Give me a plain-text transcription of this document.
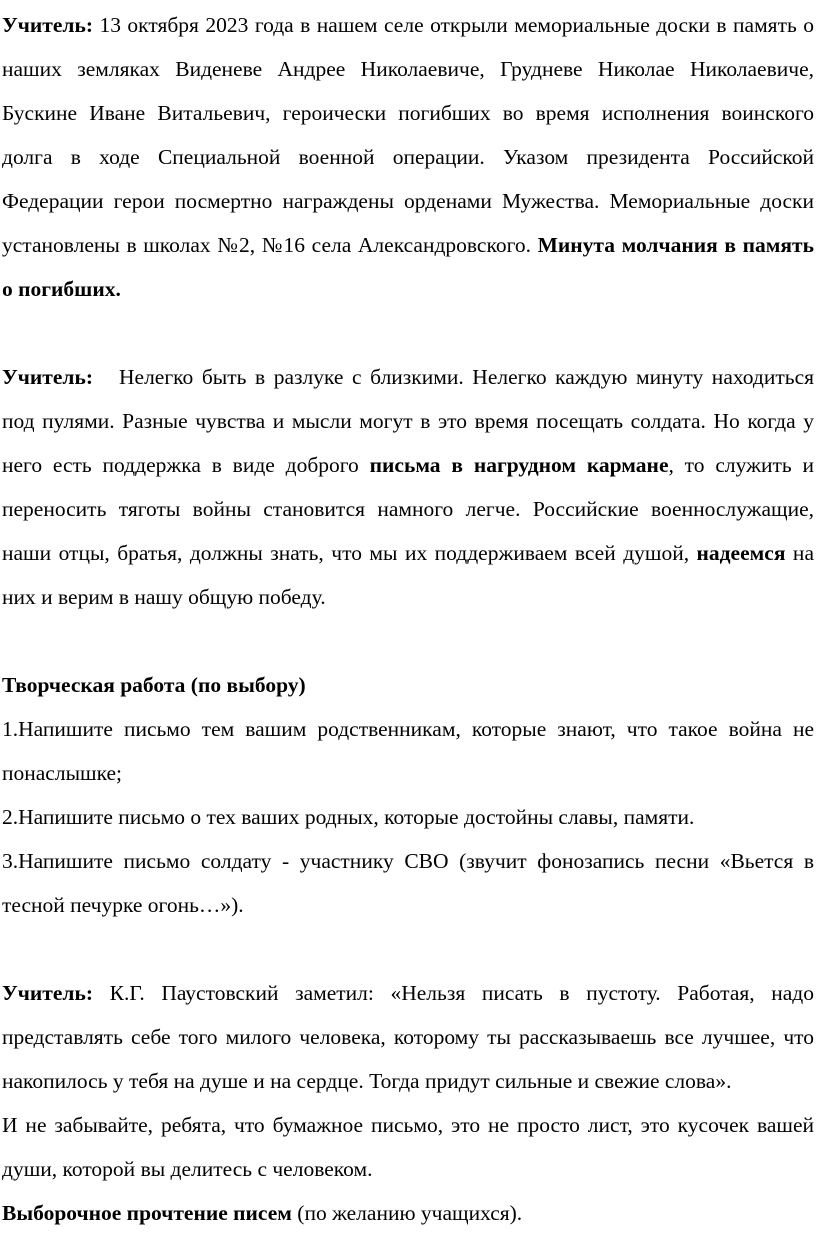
Учитель: 13 октября 2023 года в нашем селе открыли мемориальные доски в память о наших земляках Виденеве Андрее Николаевиче, Грудневе Николае Николаевиче, Бускине Иване Витальевич, героически погибших во время исполнения воинского долга в ходе Специальной военной операции. Указом президента Российской Федерации герои посмертно награждены орденами Мужества. Мемориальные доски установлены в школах №2, №16 села Александровского. Минута молчания в память о погибших.

Учитель: Нелегко быть в разлуке с близкими. Нелегко каждую минуту находиться под пулями. Разные чувства и мысли могут в это время посещать солдата. Но когда у него есть поддержка в виде доброго письма в нагрудном кармане, то служить и переносить тяготы войны становится намного легче. Российские военнослужащие, наши отцы, братья, должны знать, что мы их поддерживаем всей душой, надеемся на них и верим в нашу общую победу.

Творческая работа (по выбору)

1.Напишите письмо тем вашим родственникам, которые знают, что такое война не понаслышке;

2.Напишите письмо о тех ваших родных, которые достойны славы, памяти.

3.Напишите письмо солдату - участнику СВО (звучит фонозапись песни «Вьется в тесной печурке огонь…»).

Учитель: К.Г. Паустовский заметил: «Нельзя писать в пустоту. Работая, надо представлять себе того милого человека, которому ты рассказываешь все лучшее, что накопилось у тебя на душе и на сердце. Тогда придут сильные и свежие слова».

И не забывайте, ребята, что бумажное письмо, это не просто лист, это кусочек вашей души, которой вы делитесь с человеком.

Выборочное прочтение писем (по желанию учащихся).
